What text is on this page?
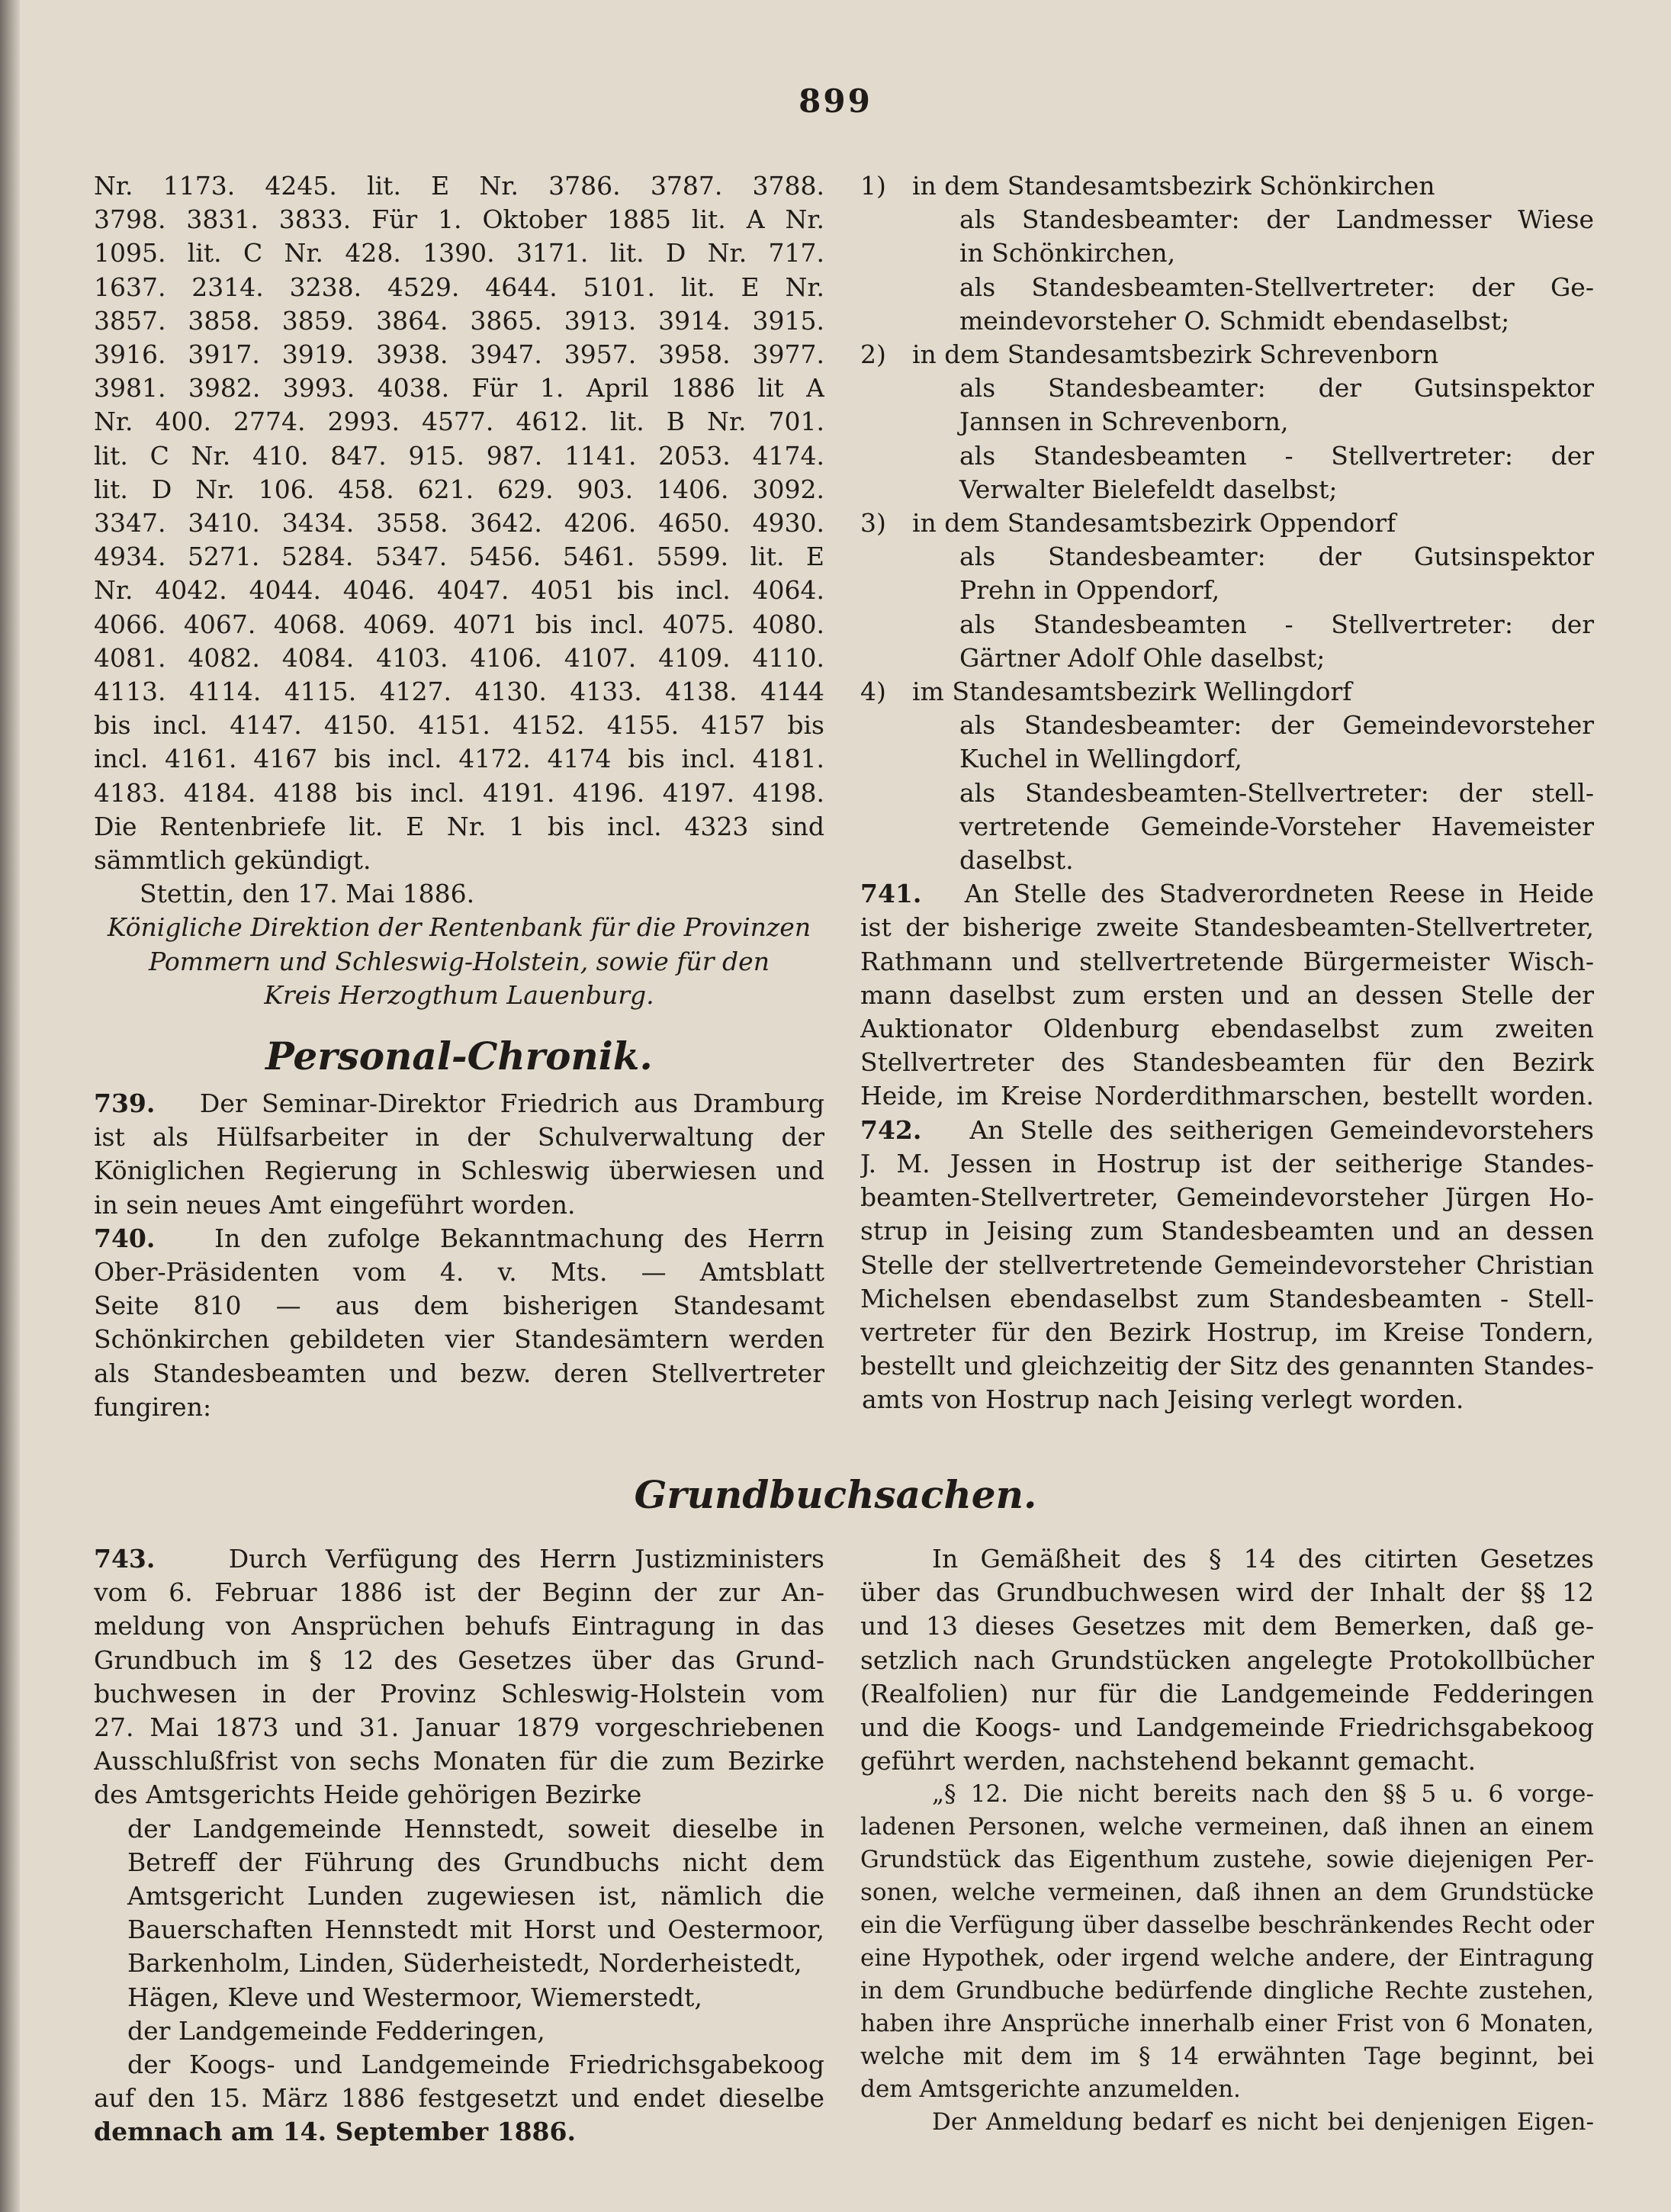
899
Nr. 1173. 4245. lit. E Nr. 3786. 3787. 3788.
3798. 3831. 3833. Für 1. Oktober 1885 lit. A Nr.
1095. lit. C Nr. 428. 1390. 3171. lit. D Nr. 717.
1637. 2314. 3238. 4529. 4644. 5101. lit. E Nr.
3857. 3858. 3859. 3864. 3865. 3913. 3914. 3915.
3916. 3917. 3919. 3938. 3947. 3957. 3958. 3977.
3981. 3982. 3993. 4038. Für 1. April 1886 lit A
Nr. 400. 2774. 2993. 4577. 4612. lit. B Nr. 701.
lit. C Nr. 410. 847. 915. 987. 1141. 2053. 4174.
lit. D Nr. 106. 458. 621. 629. 903. 1406. 3092.
3347. 3410. 3434. 3558. 3642. 4206. 4650. 4930.
4934. 5271. 5284. 5347. 5456. 5461. 5599. lit. E
Nr. 4042. 4044. 4046. 4047. 4051 bis incl. 4064.
4066. 4067. 4068. 4069. 4071 bis incl. 4075. 4080.
4081. 4082. 4084. 4103. 4106. 4107. 4109. 4110.
4113. 4114. 4115. 4127. 4130. 4133. 4138. 4144
bis incl. 4147. 4150. 4151. 4152. 4155. 4157 bis
incl. 4161. 4167 bis incl. 4172. 4174 bis incl. 4181.
4183. 4184. 4188 bis incl. 4191. 4196. 4197. 4198.
Die Rentenbriefe lit. E Nr. 1 bis incl. 4323 sind
sämmtlich gekündigt.
Stettin, den 17. Mai 1886.
Königliche Direktion der Rentenbank für die Provinzen
Pommern und Schleswig-Holstein, sowie für den
Kreis Herzogthum Lauenburg.
Personal-Chronik.
739. Der Seminar-Direktor Friedrich aus Dramburg
ist als Hülfsarbeiter in der Schulverwaltung der
Königlichen Regierung in Schleswig überwiesen und
in sein neues Amt eingeführt worden.
740. In den zufolge Bekanntmachung des Herrn
Ober-Präsidenten vom 4. v. Mts. — Amtsblatt
Seite 810 — aus dem bisherigen Standesamt
Schönkirchen gebildeten vier Standesämtern werden
als Standesbeamten und bezw. deren Stellvertreter
fungiren:
1)	in dem Standesamtsbezirk Schönkirchen
als Standesbeamter: der Landmesser Wiese
in Schönkirchen,
als Standesbeamten-Stellvertreter: der Ge-
meindevorsteher O. Schmidt ebendaselbst;
2)	in dem Standesamtsbezirk Schrevenborn
als Standesbeamter: der Gutsinspektor
Jannsen in Schrevenborn,
als Standesbeamten - Stellvertreter: der
Verwalter Bielefeldt daselbst;
3)	in dem Standesamtsbezirk Oppendorf
als Standesbeamter: der Gutsinspektor
Prehn in Oppendorf,
als Standesbeamten - Stellvertreter: der
Gärtner Adolf Ohle daselbst;
4)	im Standesamtsbezirk Wellingdorf
als Standesbeamter: der Gemeindevorsteher
Kuchel in Wellingdorf,
als Standesbeamten-Stellvertreter: der stell-
vertretende Gemeinde-Vorsteher Havemeister
daselbst.
741. An Stelle des Stadverordneten Reese in Heide
ist der bisherige zweite Standesbeamten-Stellvertreter,
Rathmann und stellvertretende Bürgermeister Wisch-
mann daselbst zum ersten und an dessen Stelle der
Auktionator Oldenburg ebendaselbst zum zweiten
Stellvertreter des Standesbeamten für den Bezirk
Heide, im Kreise Norderdithmarschen, bestellt worden.
742. An Stelle des seitherigen Gemeindevorstehers
J. M. Jessen in Hostrup ist der seitherige Standes-
beamten-Stellvertreter, Gemeindevorsteher Jürgen Ho-
strup in Jeising zum Standesbeamten und an dessen
Stelle der stellvertretende Gemeindevorsteher Christian
Michelsen ebendaselbst zum Standesbeamten - Stell-
vertreter für den Bezirk Hostrup, im Kreise Tondern,
bestellt und gleichzeitig der Sitz des genannten Standes-
amts von Hostrup nach Jeising verlegt worden.
Grundbuchsachen.
743.	Durch Verfügung des Herrn Justizministers
vom 6. Februar 1886 ist der Beginn der zur An-
meldung von Ansprüchen behufs Eintragung in das
Grundbuch im § 12 des Gesetzes über das Grund-
buchwesen in der Provinz Schleswig-Holstein vom
27. Mai 1873 und 31. Januar 1879 vorgeschriebenen
Ausschlußfrist von sechs Monaten für die zum Bezirke
des Amtsgerichts Heide gehörigen Bezirke
der Landgemeinde Hennstedt, soweit dieselbe in
Betreff der Führung des Grundbuchs nicht dem
Amtsgericht Lunden zugewiesen ist, nämlich die
Bauerschaften Hennstedt mit Horst und Oestermoor,
Barkenholm, Linden, Süderheistedt, Norderheistedt,
Hägen, Kleve und Westermoor, Wiemerstedt,
der Landgemeinde Fedderingen,
der Koogs- und Landgemeinde Friedrichsgabekoog
auf den 15. März 1886 festgesetzt und endet dieselbe
demnach am 14. September 1886.
In Gemäßheit des § 14 des citirten Gesetzes
über das Grundbuchwesen wird der Inhalt der §§ 12
und 13 dieses Gesetzes mit dem Bemerken, daß ge-
setzlich nach Grundstücken angelegte Protokollbücher
(Realfolien) nur für die Landgemeinde Fedderingen
und die Koogs- und Landgemeinde Friedrichsgabekoog
geführt werden, nachstehend bekannt gemacht.
„§ 12. Die nicht bereits nach den §§ 5 u. 6 vorge-
ladenen Personen, welche vermeinen, daß ihnen an einem
Grundstück das Eigenthum zustehe, sowie diejenigen Per-
sonen, welche vermeinen, daß ihnen an dem Grundstücke
ein die Verfügung über dasselbe beschränkendes Recht oder
eine Hypothek, oder irgend welche andere, der Eintragung
in dem Grundbuche bedürfende dingliche Rechte zustehen,
haben ihre Ansprüche innerhalb einer Frist von 6 Monaten,
welche mit dem im § 14 erwähnten Tage beginnt, bei
dem Amtsgerichte anzumelden.
Der Anmeldung bedarf es nicht bei denjenigen Eigen-
